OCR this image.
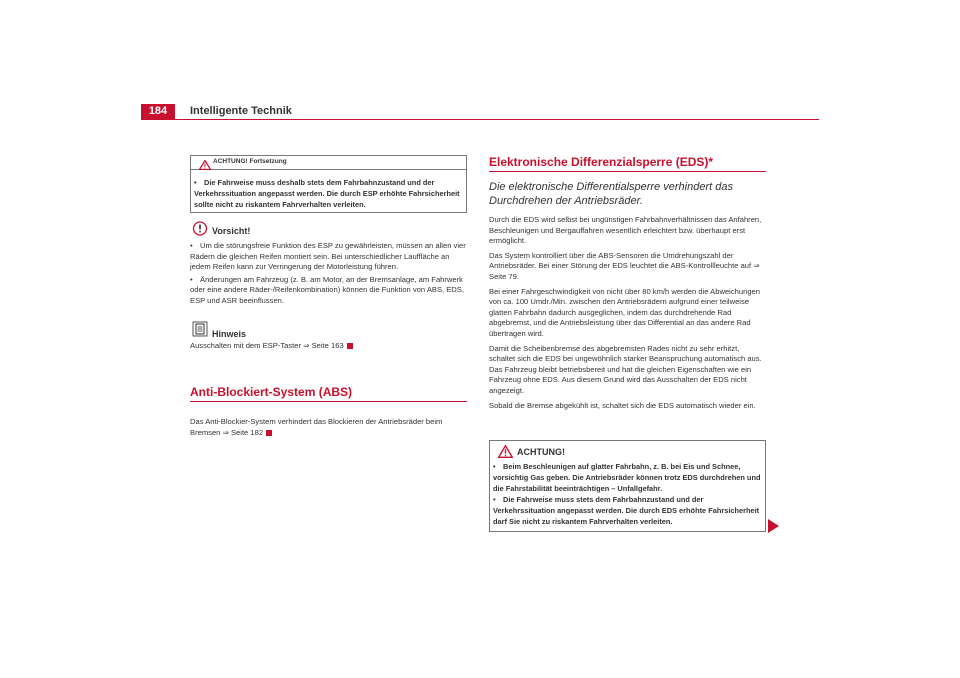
184	Intelligente Technik
ACHTUNG! Fortsetzung
• Die Fahrweise muss deshalb stets dem Fahrbahnzustand und der Verkehrssituation angepasst werden. Die durch ESP erhöhte Fahrsicherheit sollte nicht zu riskantem Fahrverhalten verleiten.
Vorsicht!

• Um die störungsfreie Funktion des ESP zu gewährleisten, müssen an allen vier Rädern die gleichen Reifen montiert sein. Bei unterschiedlicher Lauffläche an jedem Reifen kann zur Verringerung der Motorleistung führen.

• Änderungen am Fahrzeug (z. B. am Motor, an der Bremsanlage, am Fahrwerk oder eine andere Räder-/Reifenkombination) können die Funktion von ABS, EDS, ESP und ASR beeinflussen.

Hinweis

Ausschalten mit dem ESP-Taster ⇒ Seite 163

Anti-Blockiert-System (ABS)

Das Anti-Blockier-System verhindert das Blockieren der Antriebsräder beim Bremsen ⇒ Seite 182

Elektronische Differenzialsperre (EDS)*
Die elektronische Differentialsperre verhindert das Durchdrehen der Antriebsräder.

Durch die EDS wird selbst bei ungünstigen Fahrbahnverhältnissen das Anfahren, Beschleunigen und Bergauffahren wesentlich erleichtert bzw. überhaupt erst ermöglicht.

Das System kontrolliert über die ABS-Sensoren die Umdrehungszahl der Antriebsräder. Bei einer Störung der EDS leuchtet die ABS-Kontrollleuchte auf ⇒ Seite 79.

Bei einer Fahrgeschwindigkeit von nicht über 80 km/h werden die Abweichungen von ca. 100 Umdr./Min. zwischen den Antriebsrädern aufgrund einer teilweise glatten Fahrbahn dadurch ausgeglichen, indem das durchdrehende Rad abgebremst, und die Antriebsleistung über das Differential an das andere Rad übertragen wird.

Damit die Scheibenbremse des abgebremsten Rades nicht zu sehr erhitzt, schaltet sich die EDS bei ungewöhnlich starker Beanspruchung automatisch aus. Das Fahrzeug bleibt betriebsbereit und hat die gleichen Eigenschaften wie ein Fahrzeug ohne EDS. Aus diesem Grund wird das Ausschalten der EDS nicht angezeigt.

Sobald die Bremse abgekühlt ist, schaltet sich die EDS automatisch wieder ein.

ACHTUNG!

• Beim Beschleunigen auf glatter Fahrbahn, z. B. bei Eis und Schnee, vorsichtig Gas geben. Die Antriebsräder können trotz EDS durchdrehen und die Fahrstabilität beeinträchtigen – Unfallgefahr.

• Die Fahrweise muss stets dem Fahrbahnzustand und der Verkehrssituation angepasst werden. Die durch EDS erhöhte Fahrsicherheit darf Sie nicht zu riskantem Fahrverhalten verleiten.
